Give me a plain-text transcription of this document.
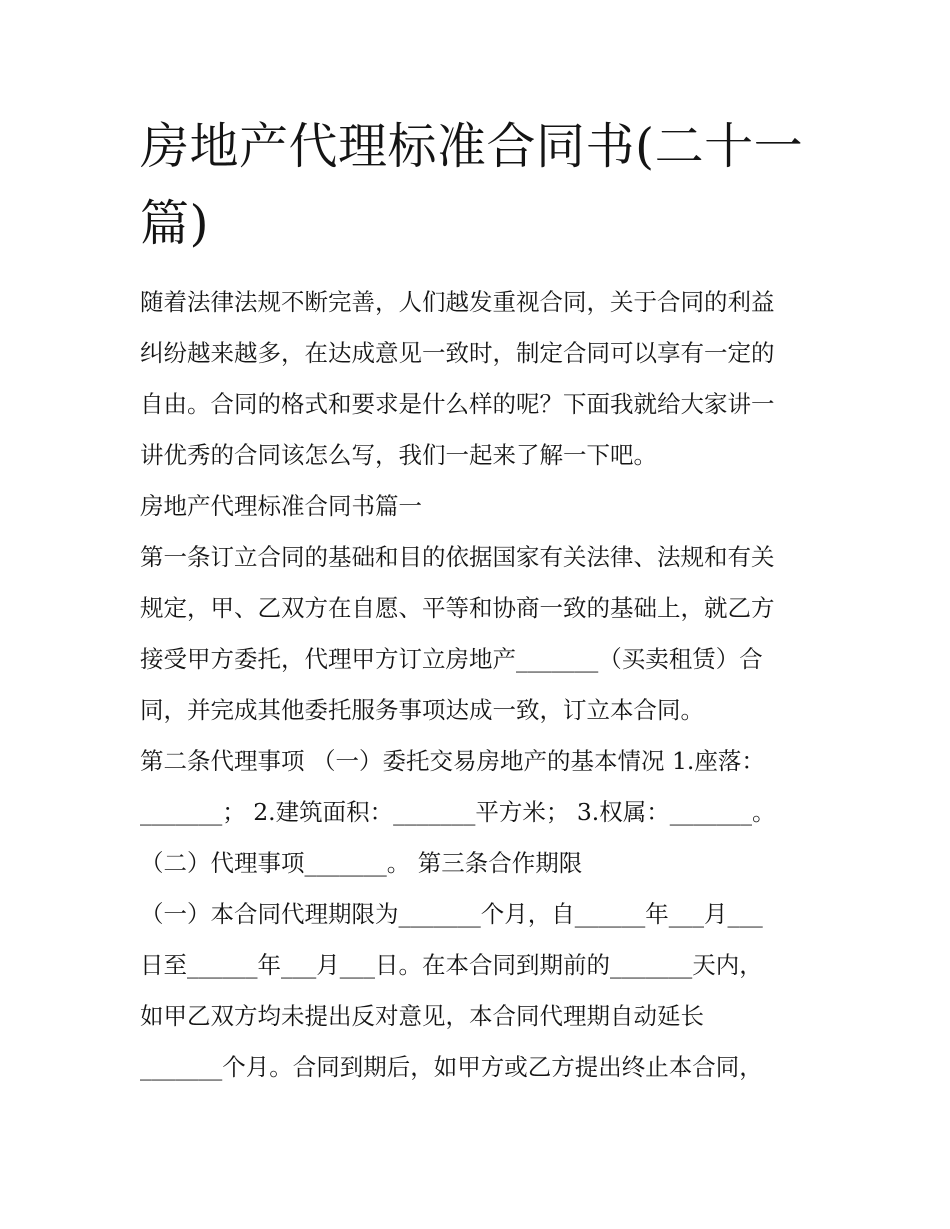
房地产代理标准合同书(二十一
篇)
随着法律法规不断完善，人们越发重视合同，关于合同的利益
纠纷越来越多，在达成意见一致时，制定合同可以享有一定的
自由。合同的格式和要求是什么样的呢？下面我就给大家讲一
讲优秀的合同该怎么写，我们一起来了解一下吧。
房地产代理标准合同书篇一
第一条订立合同的基础和目的依据国家有关法律、法规和有关
规定，甲、乙双方在自愿、平等和协商一致的基础上，就乙方
接受甲方委托，代理甲方订立房地产_______（买卖租赁）合
同，并完成其他委托服务事项达成一致，订立本合同。
第二条代理事项 （一）委托交易房地产的基本情况 1.座落：
_______； 2.建筑面积：_______平方米； 3.权属：_______。
（二）代理事项_______。 第三条合作期限
（一）本合同代理期限为_______个月，自______年___月___
日至______年___月___日。在本合同到期前的_______天内，
如甲乙双方均未提出反对意见，本合同代理期自动延长
_______个月。合同到期后，如甲方或乙方提出终止本合同，
